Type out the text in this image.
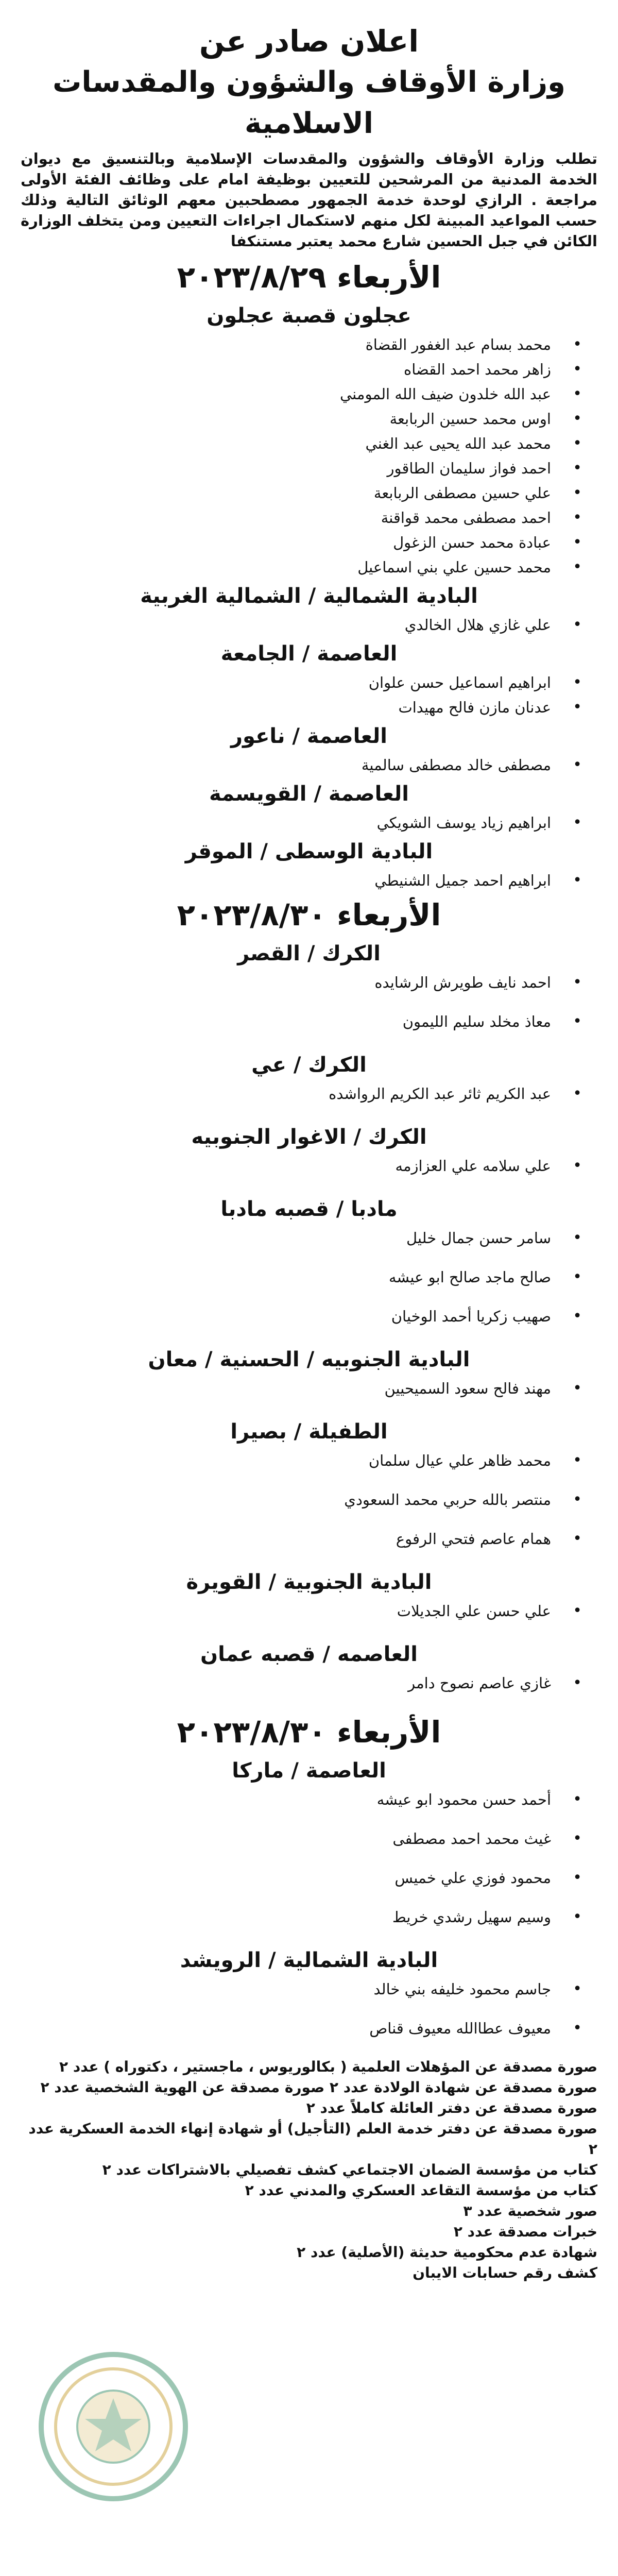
اعلان صادر عن
وزارة الأوقاف والشؤون والمقدسات الاسلامية

تطلب وزارة الأوقاف والشؤون والمقدسات الإسلامية وبالتنسيق مع ديوان الخدمة المدنية من المرشحين للتعيين بوظيفة امام على وظائف الفئة الأولى مراجعة . الرازي لوحدة خدمة الجمهور مصطحبين معهم الوثائق التالية وذلك حسب المواعيد المبينة لكل منهم لاستكمال اجراءات التعيين ومن يتخلف الوزارة الكائن في جبل الحسين شارع محمد يعتبر مستنكفا

الأربعاء ٢٠٢٣/٨/٢٩
عجلون قصبة عجلون
•
محمد بسام عبد الغفور القضاة
•
زاهر محمد احمد القضاه
•
عبد الله خلدون ضيف الله المومني
•
اوس محمد حسين الربابعة
•
محمد عبد الله يحيى عبد الغني
•
احمد فواز سليمان الطاقور
•
علي حسين مصطفى الربابعة
•
احمد مصطفى محمد قواقنة
•
عبادة محمد حسن الزغول
•
محمد حسين علي بني اسماعيل
البادية الشمالية / الشمالية الغربية
•
علي غازي هلال الخالدي
العاصمة / الجامعة
•
ابراهيم اسماعيل حسن علوان
•
عدنان مازن فالح مهيدات
العاصمة / ناعور
•
مصطفى خالد مصطفى سالمية
العاصمة / القويسمة
•
ابراهيم زياد يوسف الشويكي
البادية الوسطى / الموقر
•
ابراهيم احمد جميل الشنيطي
الأربعاء ٢٠٢٣/٨/٣٠
الكرك / القصر
•
احمد نايف طويرش الرشايده
•
معاذ مخلد سليم الليمون
الكرك / عي
•
عبد الكريم ثائر عبد الكريم الرواشده
الكرك / الاغوار الجنوبيه
•
علي سلامه علي العزازمه
مادبا / قصبه مادبا
•
سامر حسن جمال خليل
•
صالح ماجد صالح ابو عيشه
•
صهيب زكريا أحمد الوخيان
البادية الجنوبيه / الحسنية / معان
•
مهند فالح سعود السميحيين
الطفيلة / بصيرا
•
محمد ظاهر علي عيال سلمان
•
منتصر بالله حربي محمد السعودي
•
همام عاصم فتحي الرفوع
البادية الجنوبية / القويرة
•
علي حسن علي الجديلات
العاصمه / قصبه عمان
•
غازي عاصم نصوح دامر
الأربعاء ٢٠٢٣/٨/٣٠
العاصمة / ماركا
•
أحمد حسن محمود ابو عيشه
•
غيث محمد احمد مصطفى
•
محمود فوزي علي خميس
•
وسيم سهيل رشدي خريط
البادية الشمالية / الرويشد
•
جاسم محمود خليفه بني خالد
•
معيوف عطاالله معيوف قناص

صورة مصدقة عن المؤهلات العلمية ( بكالوريوس ، ماجستير ، دكتوراه ) عدد ٢

صورة مصدقة عن شهادة الولادة عدد ٢ صورة مصدقة عن الهوية الشخصية عدد ٢

صورة مصدقة عن دفتر العائلة كاملاً عدد ٢

صورة مصدقة عن دفتر خدمة العلم (التأجيل) أو شهادة إنهاء الخدمة العسكرية عدد ٢

كتاب من مؤسسة الضمان الاجتماعي كشف تفصيلي بالاشتراكات عدد ٢

كتاب من مؤسسة التقاعد العسكري والمدني عدد ٢

صور شخصية عدد ٣

خبرات مصدقة عدد ٢

شهادة عدم محكومية حديثة (الأصلية) عدد ٢

كشف رقم حسابات الايبان
